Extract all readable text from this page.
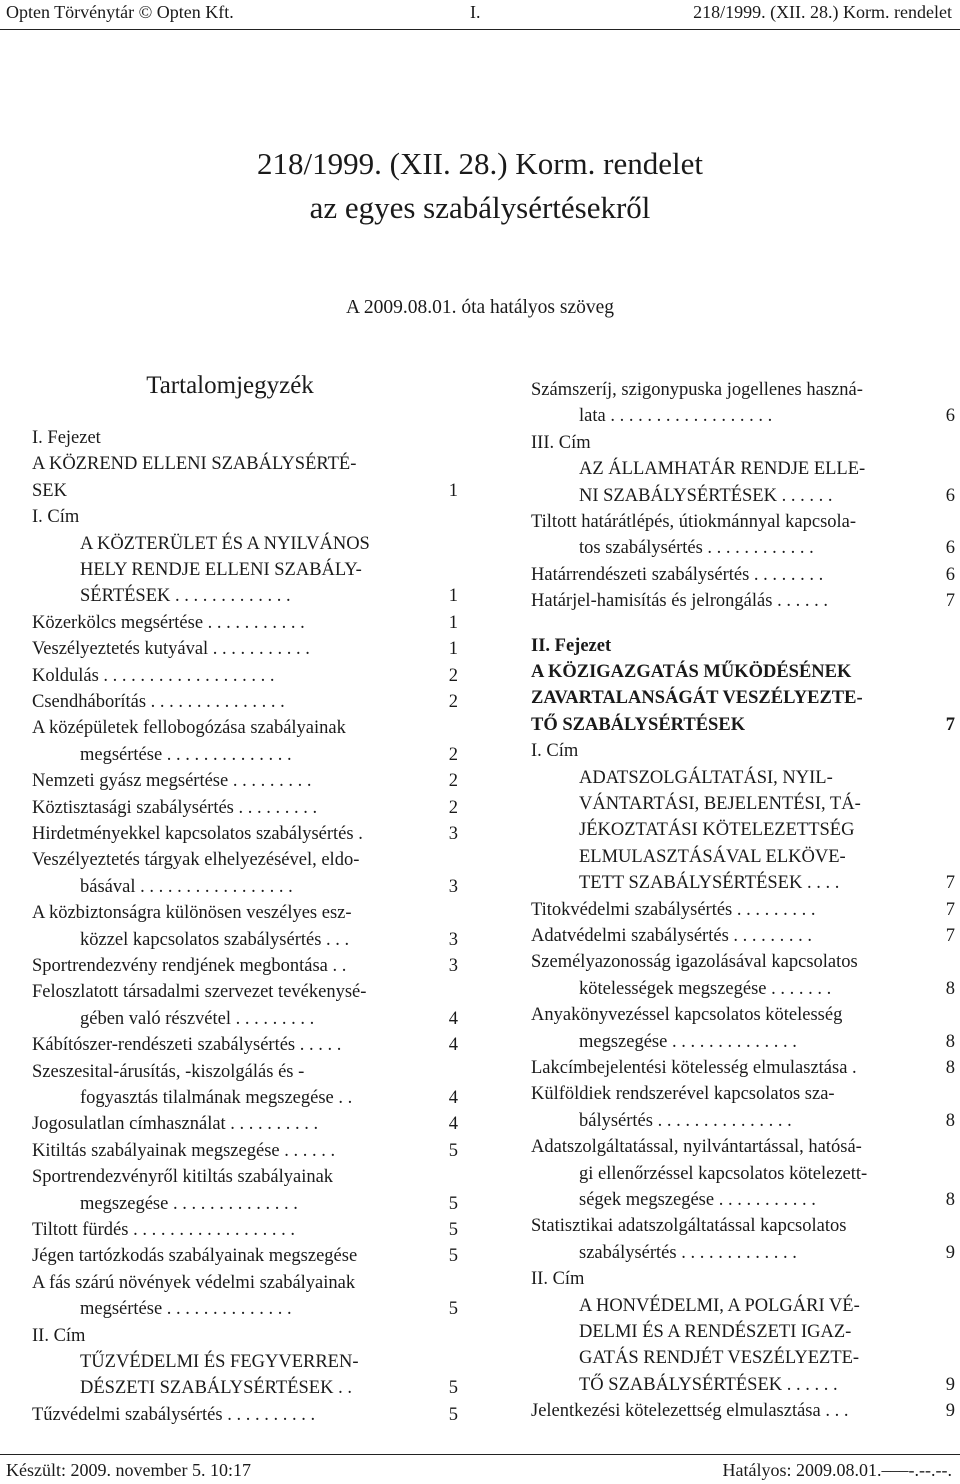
Opten Törvénytár © Opten Kft.	I.	218/1999. (XII. 28.) Korm. rendelet
218/1999. (XII. 28.) Korm. rendelet
az egyes szabálysértésekről
A 2009.08.01. óta hatályos szöveg
Tartalomjegyzék
I. Fejezet
A KÖZREND ELLENI SZABÁLYSÉRTÉ-
SEK	1
I. Cím
A KÖZTERÜLET ÉS A NYILVÁNOS
HELY RENDJE ELLENI SZABÁLY-
SÉRTÉSEK . . . . . . . . . . . . .	1
Közerkölcs megsértése . . . . . . . . . . .	1
Veszélyeztetés kutyával . . . . . . . . . . .	1
Koldulás . . . . . . . . . . . . . . . . . . .	2
Csendháborítás . . . . . . . . . . . . . . .	2
A középületek fellobogózása szabályainak
megsértése . . . . . . . . . . . . . .	2
Nemzeti gyász megsértése . . . . . . . . .	2
Köztisztasági szabálysértés . . . . . . . . .	2
Hirdetményekkel kapcsolatos szabálysértés .	3
Veszélyeztetés tárgyak elhelyezésével, eldo-
básával . . . . . . . . . . . . . . . . .	3
A közbiztonságra különösen veszélyes esz-
közzel kapcsolatos szabálysértés . . .	3
Sportrendezvény rendjének megbontása . .	3
Feloszlatott társadalmi szervezet tevékenysé-
gében való részvétel . . . . . . . . .	4
Kábítószer-rendészeti szabálysértés . . . . .	4
Szeszesital-árusítás, -kiszolgálás és -
fogyasztás tilalmának megszegése . .	4
Jogosulatlan címhasználat . . . . . . . . . .	4
Kitiltás szabályainak megszegése . . . . . .	5
Sportrendezvényről kitiltás szabályainak
megszegése . . . . . . . . . . . . . .	5
Tiltott fürdés . . . . . . . . . . . . . . . . . .	5
Jégen tartózkodás szabályainak megszegése	5
A fás szárú növények védelmi szabályainak
megsértése . . . . . . . . . . . . . .	5
II. Cím
TŰZVÉDELMI ÉS FEGYVERREN-
DÉSZETI SZABÁLYSÉRTÉSEK . .	5
Tűzvédelmi szabálysértés . . . . . . . . . .	5
Számszeríj, szigonypuska jogellenes haszná-
lata . . . . . . . . . . . . . . . . . .	6
III. Cím
AZ ÁLLAMHATÁR RENDJE ELLE-
NI SZABÁLYSÉRTÉSEK . . . . . .	6
Tiltott határátlépés, útiokmánnyal kapcsola-
tos szabálysértés . . . . . . . . . . . .	6
Határrendészeti szabálysértés . . . . . . . .	6
Határjel-hamisítás és jelrongálás . . . . . .	7
II. Fejezet
A KÖZIGAZGATÁS MŰKÖDÉSÉNEK
ZAVARTALANSÁGÁT VESZÉLYEZTE-
TŐ SZABÁLYSÉRTÉSEK	7
I. Cím
ADATSZOLGÁLTATÁSI, NYIL-
VÁNTARTÁSI, BEJELENTÉSI, TÁ-
JÉKOZTATÁSI KÖTELEZETTSÉG
ELMULASZTÁSÁVAL ELKÖVE-
TETT SZABÁLYSÉRTÉSEK . . . .	7
Titokvédelmi szabálysértés . . . . . . . . .	7
Adatvédelmi szabálysértés . . . . . . . . .	7
Személyazonosság igazolásával kapcsolatos
kötelességek megszegése . . . . . . .	8
Anyakönyvezéssel kapcsolatos kötelesség
megszegése . . . . . . . . . . . . . .	8
Lakcímbejelentési kötelesség elmulasztása .	8
Külföldiek rendszerével kapcsolatos sza-
bálysértés . . . . . . . . . . . . . . .	8
Adatszolgáltatással, nyilvántartással, hatósá-
gi ellenőrzéssel kapcsolatos kötelezett-
ségek megszegése . . . . . . . . . . .	8
Statisztikai adatszolgáltatással kapcsolatos
szabálysértés . . . . . . . . . . . . .	9
II. Cím
A HONVÉDELMI, A POLGÁRI VÉ-
DELMI ÉS A RENDÉSZETI IGAZ-
GATÁS RENDJÉT VESZÉLYEZTE-
TŐ SZABÁLYSÉRTÉSEK . . . . . .	9
Jelentkezési kötelezettség elmulasztása . . .	9
Készült: 2009. november 5. 10:17	Hatályos: 2009.08.01.–––-.--.--.
